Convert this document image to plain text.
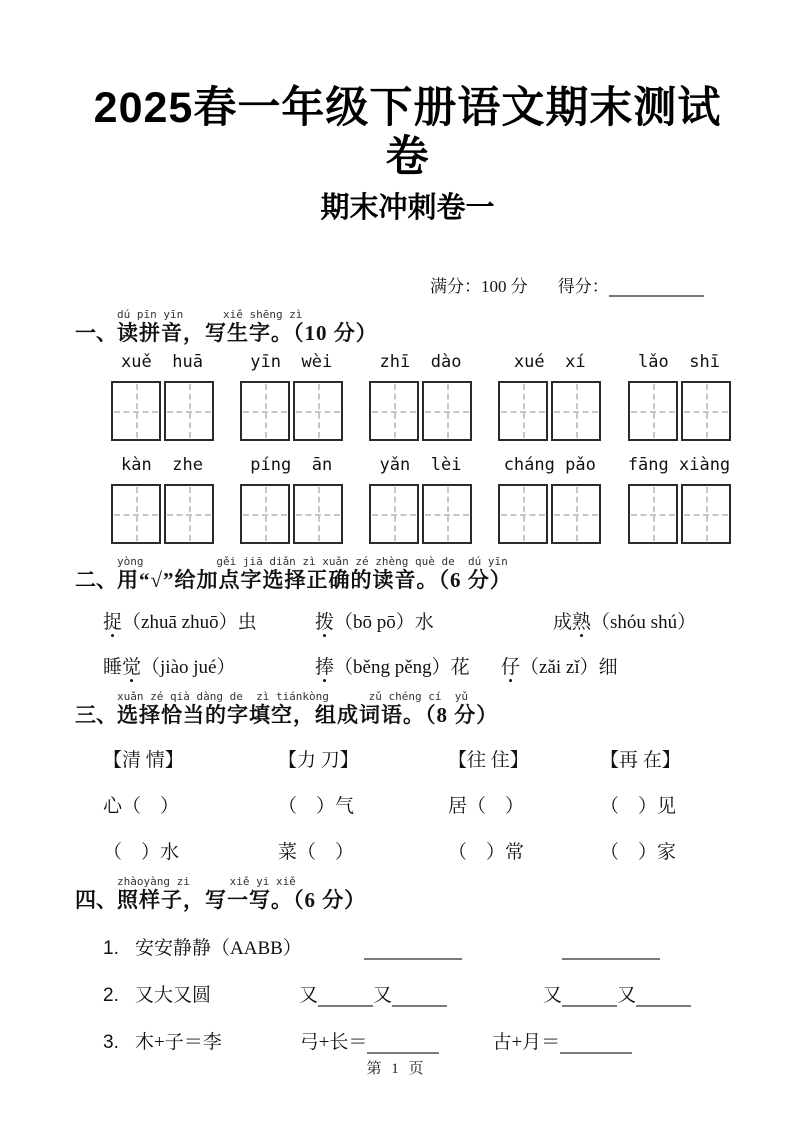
2025春一年级下册语文期末测试卷
期末冲刺卷一
满分：100 分 得分：
一、
dú pīn yīn      xiě shēng zì
读拼音，写生字。（10 分）
xuě  huā	yīn  wèi	zhī  dào	xué  xí	lǎo  shī
kàn  zhe	píng  ān	yǎn  lèi	cháng pǎo	fāng xiàng
二、
yòng           gěi jiā diǎn zì xuǎn zé zhèng què de  dú yīn
用“√”给加点字选择正确的读音。（6 分）
捉（zhuā zhuō）虫	拨（bō pō）水	成熟（shóu shú）
睡觉（jiào jué）	捧（běng pěng）花	仔（zǎi zǐ）细
三、
xuǎn zé qià dàng de  zì tiánkòng      zǔ chéng cí  yǔ
选择恰当的字填空，组成词语。（8 分）
【清 情】	【力 刀】	【往 住】	【再 在】
心（　）	（　）气	居（　）	（　）见
（　）水	菜（　）	（　）常	（　）家
四、
zhàoyàng zi      xiě yi xiě
照样子，写一写。（6 分）
1. 安安静静（AABB）
2. 又大又圆	又	又	又	又
3. 木+子＝李	弓+长＝	古+月＝
第 1 页
